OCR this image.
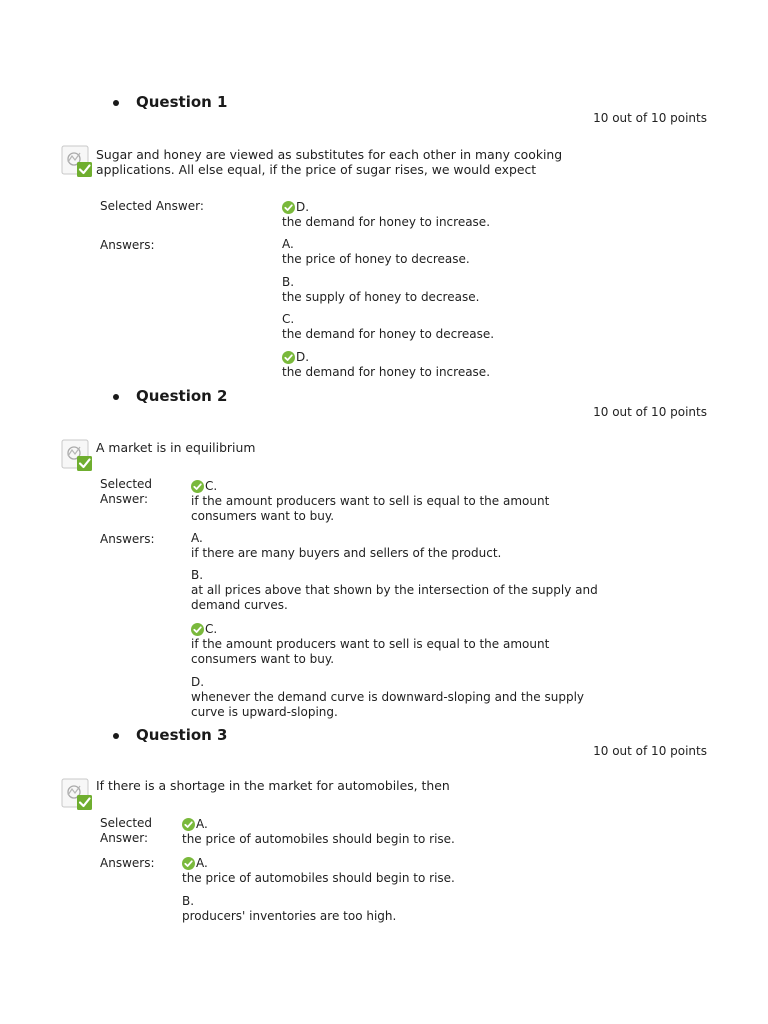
Question 1
10 out of 10 points
Sugar and honey are viewed as substitutes for each other in many cooking
applications. All else equal, if the price of sugar rises, we would expect
Selected Answer:	D.
the demand for honey to increase.
Answers:	A.
the price of honey to decrease.
B.
the supply of honey to decrease.
C.
the demand for honey to decrease.
D.
the demand for honey to increase.
Question 2
10 out of 10 points
A market is in equilibrium
Selected
Answer:
C.
if the amount producers want to sell is equal to the amount
consumers want to buy.
Answers:	A.
if there are many buyers and sellers of the product.
B.
at all prices above that shown by the intersection of the supply and
demand curves.
C.
if the amount producers want to sell is equal to the amount
consumers want to buy.
D.
whenever the demand curve is downward-sloping and the supply
curve is upward-sloping.
Question 3
10 out of 10 points
If there is a shortage in the market for automobiles, then
Selected
Answer:
A.
the price of automobiles should begin to rise.
Answers:	A.
the price of automobiles should begin to rise.
B.
producers' inventories are too high.
